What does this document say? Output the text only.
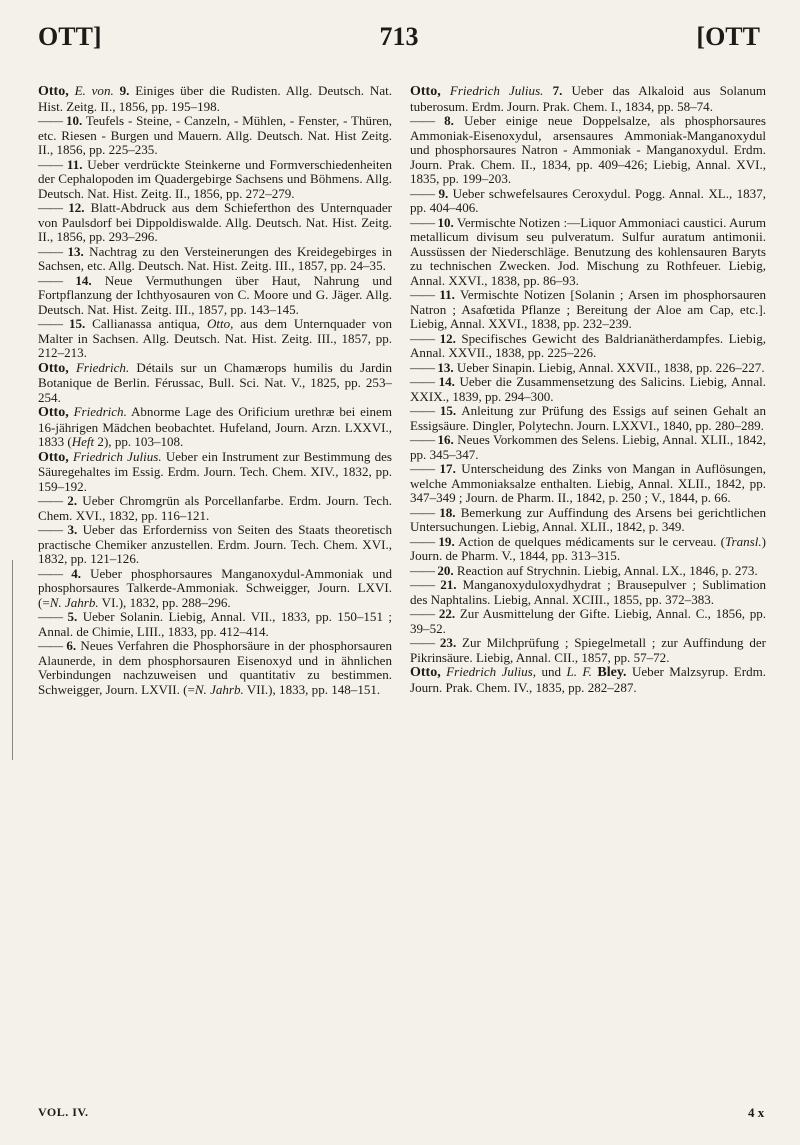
OTT]	713	[OTT

Otto, E. von. 9. Einiges über die Rudisten. Allg. Deutsch. Nat. Hist. Zeitg. II., 1856, pp. 195–198.

—— 10. Teufels - Steine, - Canzeln, - Mühlen, - Fenster, - Thüren, etc. Riesen - Burgen und Mauern. Allg. Deutsch. Nat. Hist Zeitg. II., 1856, pp. 225–235.

—— 11. Ueber verdrückte Steinkerne und Formverschiedenheiten der Cephalopoden im Quadergebirge Sachsens und Böhmens. Allg. Deutsch. Nat. Hist. Zeitg. II., 1856, pp. 272–279.

—— 12. Blatt-Abdruck aus dem Schieferthon des Unternquader von Paulsdorf bei Dippoldiswalde. Allg. Deutsch. Nat. Hist. Zeitg. II., 1856, pp. 293–296.

—— 13. Nachtrag zu den Versteinerungen des Kreidegebirges in Sachsen, etc. Allg. Deutsch. Nat. Hist. Zeitg. III., 1857, pp. 24–35.

—— 14. Neue Vermuthungen über Haut, Nahrung und Fortpflanzung der Ichthyosauren von C. Moore und G. Jäger. Allg. Deutsch. Nat. Hist. Zeitg. III., 1857, pp. 143–145.

—— 15. Callianassa antiqua, Otto, aus dem Unternquader von Malter in Sachsen. Allg. Deutsch. Nat. Hist. Zeitg. III., 1857, pp. 212–213.

Otto, Friedrich. Détails sur un Chamærops humilis du Jardin Botanique de Berlin. Férussac, Bull. Sci. Nat. V., 1825, pp. 253–254.

Otto, Friedrich. Abnorme Lage des Orificium urethræ bei einem 16-jährigen Mädchen beobachtet. Hufeland, Journ. Arzn. LXXVI., 1833 (Heft 2), pp. 103–108.

Otto, Friedrich Julius. Ueber ein Instrument zur Bestimmung des Säuregehaltes im Essig. Erdm. Journ. Tech. Chem. XIV., 1832, pp. 159–192.

—— 2. Ueber Chromgrün als Porcellanfarbe. Erdm. Journ. Tech. Chem. XVI., 1832, pp. 116–121.

—— 3. Ueber das Erforderniss von Seiten des Staats theoretisch practische Chemiker anzustellen. Erdm. Journ. Tech. Chem. XVI., 1832, pp. 121–126.

—— 4. Ueber phosphorsaures Manganoxydul-Ammoniak und phosphorsaures Talkerde-Ammoniak. Schweigger, Journ. LXVI. (=N. Jahrb. VI.), 1832, pp. 288–296.

—— 5. Ueber Solanin. Liebig, Annal. VII., 1833, pp. 150–151 ; Annal. de Chimie, LIII., 1833, pp. 412–414.

—— 6. Neues Verfahren die Phosphorsäure in der phosphorsauren Alaunerde, in dem phosphorsauren Eisenoxyd und in ähnlichen Verbindungen nachzuweisen und quantitativ zu bestimmen. Schweigger, Journ. LXVII. (=N. Jahrb. VII.), 1833, pp. 148–151.

Otto, Friedrich Julius. 7. Ueber das Alkaloid aus Solanum tuberosum. Erdm. Journ. Prak. Chem. I., 1834, pp. 58–74.

—— 8. Ueber einige neue Doppelsalze, als phosphorsaures Ammoniak-Eisenoxydul, arsensaures Ammoniak-Manganoxydul und phosphorsaures Natron - Ammoniak - Manganoxydul. Erdm. Journ. Prak. Chem. II., 1834, pp. 409–426; Liebig, Annal. XVI., 1835, pp. 199–203.

—— 9. Ueber schwefelsaures Ceroxydul. Pogg. Annal. XL., 1837, pp. 404–406.

—— 10. Vermischte Notizen :—Liquor Ammoniaci caustici. Aurum metallicum divisum seu pulveratum. Sulfur auratum antimonii. Aussüssen der Niederschläge. Benutzung des kohlensauren Baryts zu technischen Zwecken. Jod. Mischung zu Rothfeuer. Liebig, Annal. XXVI., 1838, pp. 86–93.

—— 11. Vermischte Notizen [Solanin ; Arsen im phosphorsauren Natron ; Asafœtida Pflanze ; Bereitung der Aloe am Cap, etc.]. Liebig, Annal. XXVI., 1838, pp. 232–239.

—— 12. Specifisches Gewicht des Baldrianätherdampfes. Liebig, Annal. XXVII., 1838, pp. 225–226.

—— 13. Ueber Sinapin. Liebig, Annal. XXVII., 1838, pp. 226–227.

—— 14. Ueber die Zusammensetzung des Salicins. Liebig, Annal. XXIX., 1839, pp. 294–300.

—— 15. Anleitung zur Prüfung des Essigs auf seinen Gehalt an Essigsäure. Dingler, Polytechn. Journ. LXXVI., 1840, pp. 280–289.

—— 16. Neues Vorkommen des Selens. Liebig, Annal. XLII., 1842, pp. 345–347.

—— 17. Unterscheidung des Zinks von Mangan in Auflösungen, welche Ammoniaksalze enthalten. Liebig, Annal. XLII., 1842, pp. 347–349 ; Journ. de Pharm. II., 1842, p. 250 ; V., 1844, p. 66.

—— 18. Bemerkung zur Auffindung des Arsens bei gerichtlichen Untersuchungen. Liebig, Annal. XLII., 1842, p. 349.

—— 19. Action de quelques médicaments sur le cerveau. (Transl.) Journ. de Pharm. V., 1844, pp. 313–315.

—— 20. Reaction auf Strychnin. Liebig, Annal. LX., 1846, p. 273.

—— 21. Manganoxyduloxydhydrat ; Brausepulver ; Sublimation des Naphtalins. Liebig, Annal. XCIII., 1855, pp. 372–383.

—— 22. Zur Ausmittelung der Gifte. Liebig, Annal. C., 1856, pp. 39–52.

—— 23. Zur Milchprüfung ; Spiegelmetall ; zur Auffindung der Pikrinsäure. Liebig, Annal. CII., 1857, pp. 57–72.

Otto, Friedrich Julius, und L. F. Bley. Ueber Malzsyrup. Erdm. Journ. Prak. Chem. IV., 1835, pp. 282–287.

VOL. IV.	4 x
